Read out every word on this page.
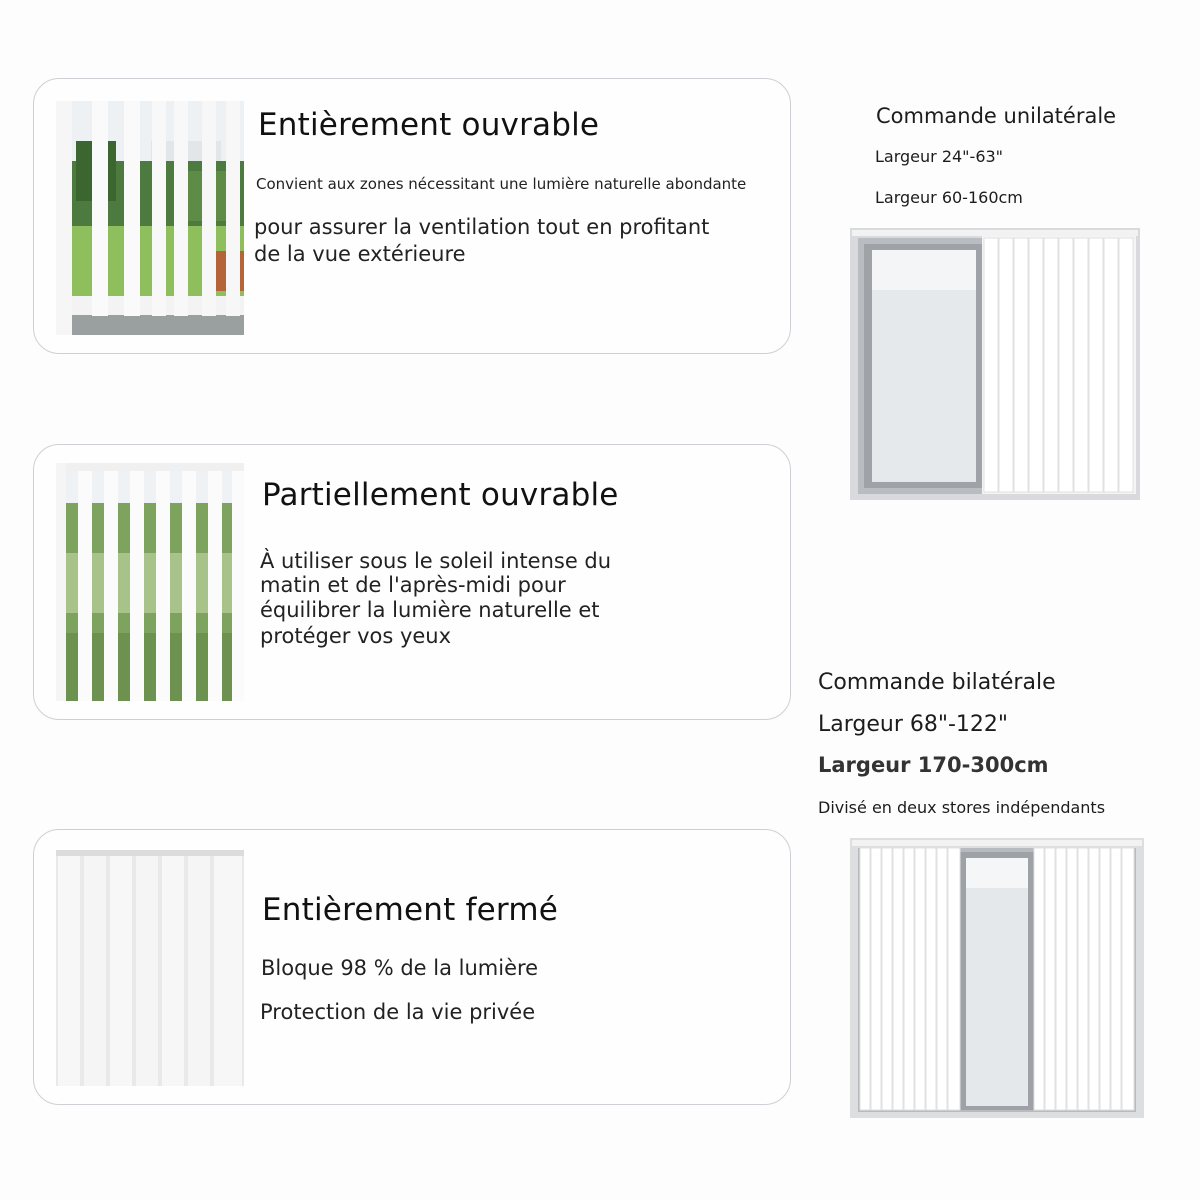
Entièrement ouvrable

Convient aux zones nécessitant une lumière naturelle abondante

pour assurer la ventilation tout en profitant

de la vue extérieure

Partiellement ouvrable

À utiliser sous le soleil intense du

matin et de l'après-midi pour

équilibrer la lumière naturelle et

protéger vos yeux

Entièrement fermé

Bloque 98 % de la lumière

Protection de la vie privée

Commande unilatérale

Largeur 24"-63"

Largeur 60-160cm

Commande bilatérale

Largeur 68"-122"

Largeur 170-300cm

Divisé en deux stores indépendants
